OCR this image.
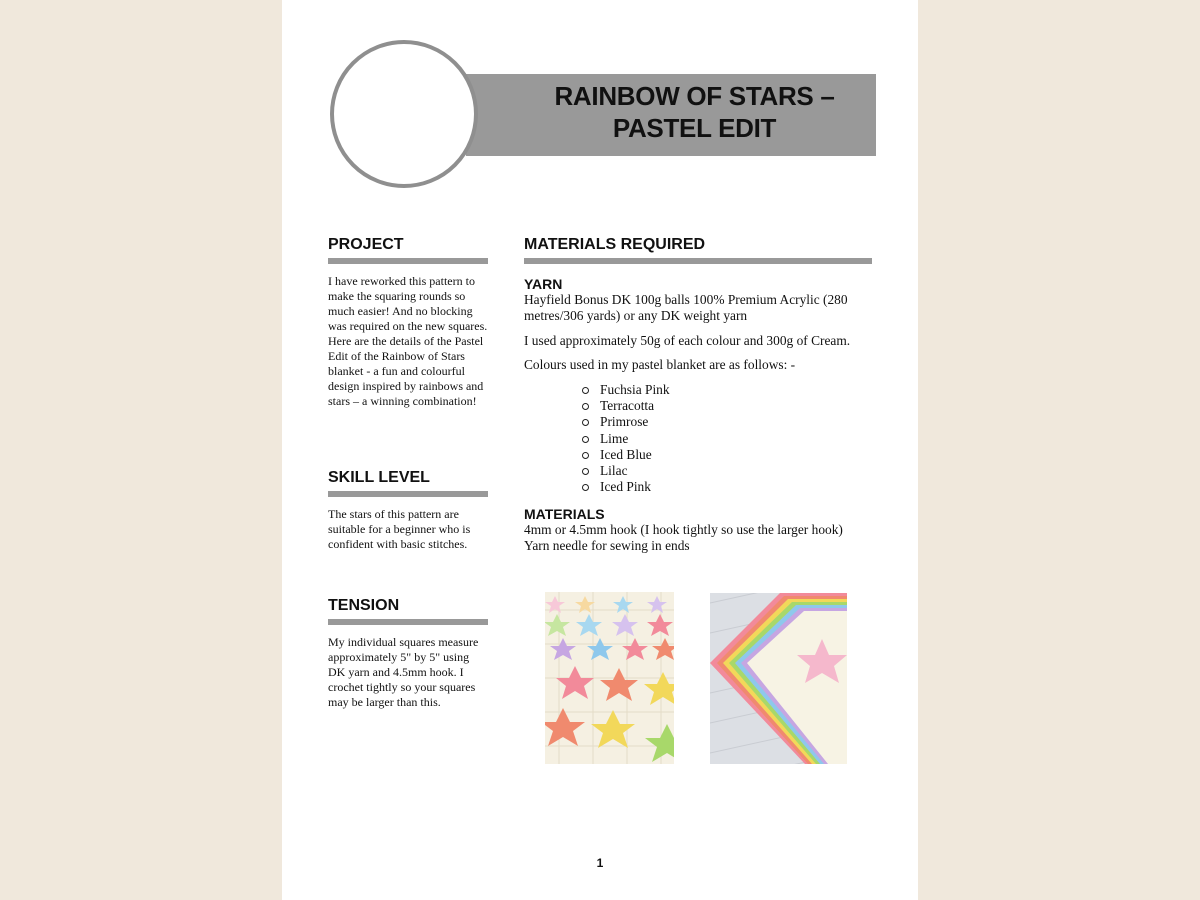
RAINBOW OF STARS –
PASTEL EDIT
PROJECT

I have reworked this pattern to make the squaring rounds so much easier! And no blocking was required on the new squares. Here are the details of the Pastel Edit of the Rainbow of Stars blanket - a fun and colourful design inspired by rainbows and stars – a winning combination!

SKILL LEVEL

The stars of this pattern are suitable for a beginner who is confident with basic stitches.

TENSION

My individual squares measure approximately 5" by 5" using DK yarn and 4.5mm hook. I crochet tightly so your squares may be larger than this.

MATERIALS REQUIRED
YARN

Hayfield Bonus DK 100g balls 100% Premium Acrylic (280 metres/306 yards) or any DK weight yarn

I used approximately 50g of each colour and 300g of Cream.

Colours used in my pastel blanket are as follows: -

Fuchsia Pink
Terracotta
Primrose
Lime
Iced Blue
Lilac
Iced Pink
MATERIALS

4mm or 4.5mm hook (I hook tightly so use the larger hook)

Yarn needle for sewing in ends

1
